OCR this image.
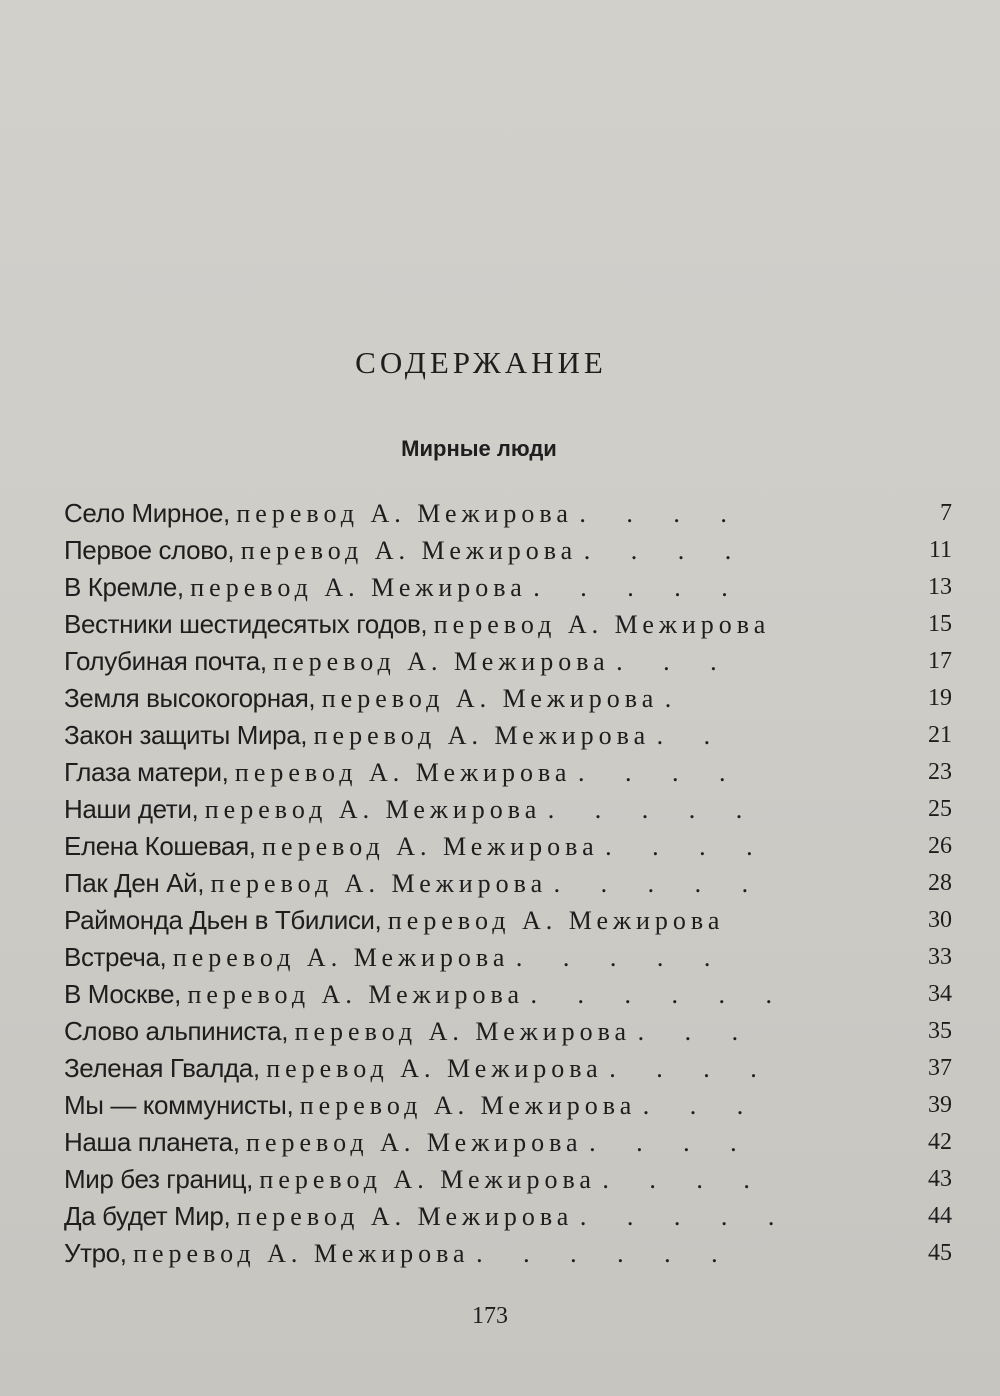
СОДЕРЖАНИЕ
Мирные люди
Село Мирное, перевод А. Межирова . . . .	7
Первое слово, перевод А. Межирова . . . .	11
В Кремле, перевод А. Межирова . . . . .	13
Вестники шестидесятых годов, перевод А. Межирова	15
Голубиная почта, перевод А. Межирова . . .	17
Земля высокогорная, перевод А. Межирова .	19
Закон защиты Мира, перевод А. Межирова . .	21
Глаза матери, перевод А. Межирова . . . .	23
Наши дети, перевод А. Межирова . . . . .	25
Елена Кошевая, перевод А. Межирова . . . .	26
Пак Ден Ай, перевод А. Межирова . . . . .	28
Раймонда Дьен в Тбилиси, перевод А. Межирова	30
Встреча, перевод А. Межирова . . . . .	33
В Москве, перевод А. Межирова . . . . . .	34
Слово альпиниста, перевод А. Межирова . . .	35
Зеленая Гвалда, перевод А. Межирова . . . .	37
Мы — коммунисты, перевод А. Межирова . . .	39
Наша планета, перевод А. Межирова . . . .	42
Мир без границ, перевод А. Межирова . . . .	43
Да будет Мир, перевод А. Межирова . . . . .	44
Утро, перевод А. Межирова . . . . . .	45
173
